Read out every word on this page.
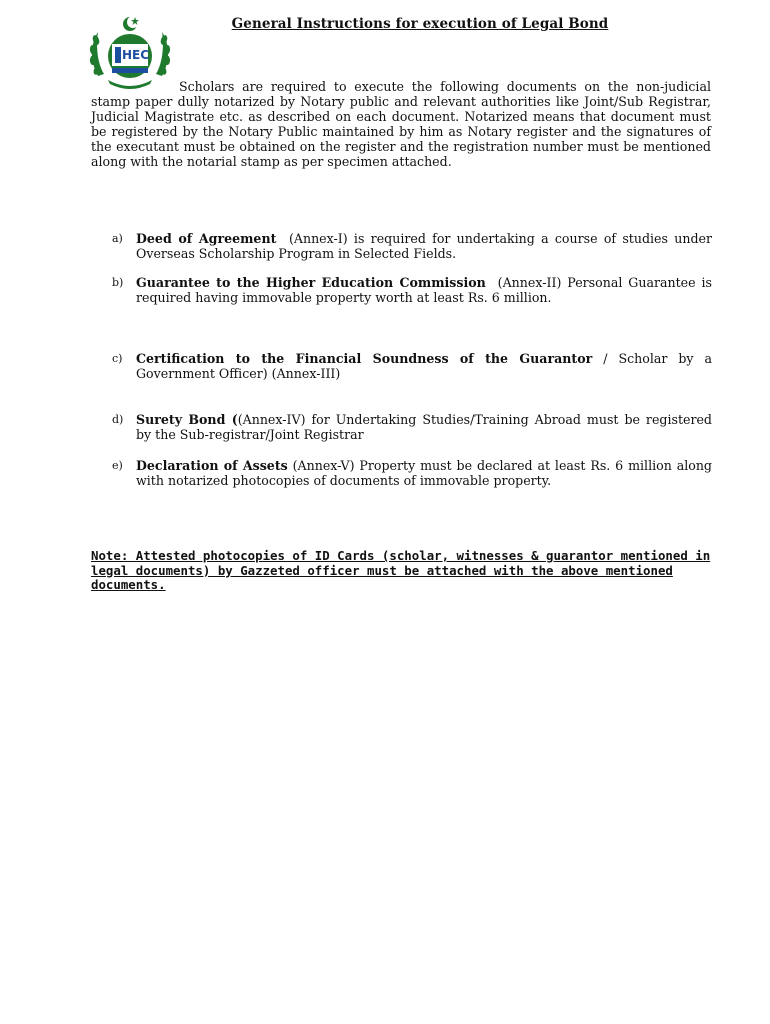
General Instructions for execution of Legal Bond
HEC
Scholars are required to execute the following documents on the non-judicial stamp paper dully notarized by Notary public and relevant authorities like Joint/Sub Registrar, Judicial Magistrate etc. as described on each document. Notarized means that document must be registered by the Notary Public maintained by him as Notary register and the signatures of the executant must be obtained on the register and the registration number must be mentioned along with the notarial stamp as per specimen attached.
a) Deed of Agreement  (Annex-I) is required for undertaking a course of studies under Overseas Scholarship Program in Selected Fields.
b) Guarantee to the Higher Education Commission  (Annex-II) Personal Guarantee is required having immovable property worth at least Rs. 6 million.
c) Certification to the Financial Soundness of the Guarantor / Scholar by a Government Officer) (Annex-III)
d) Surety Bond ((Annex-IV) for Undertaking Studies/Training Abroad must be registered by the Sub-registrar/Joint Registrar
e) Declaration of Assets (Annex-V) Property must be declared at least Rs. 6 million along with notarized photocopies of documents of immovable property.
Note: Attested photocopies of ID Cards (scholar, witnesses & guarantor mentioned in legal documents) by Gazzeted officer must be attached with the above mentioned documents.
